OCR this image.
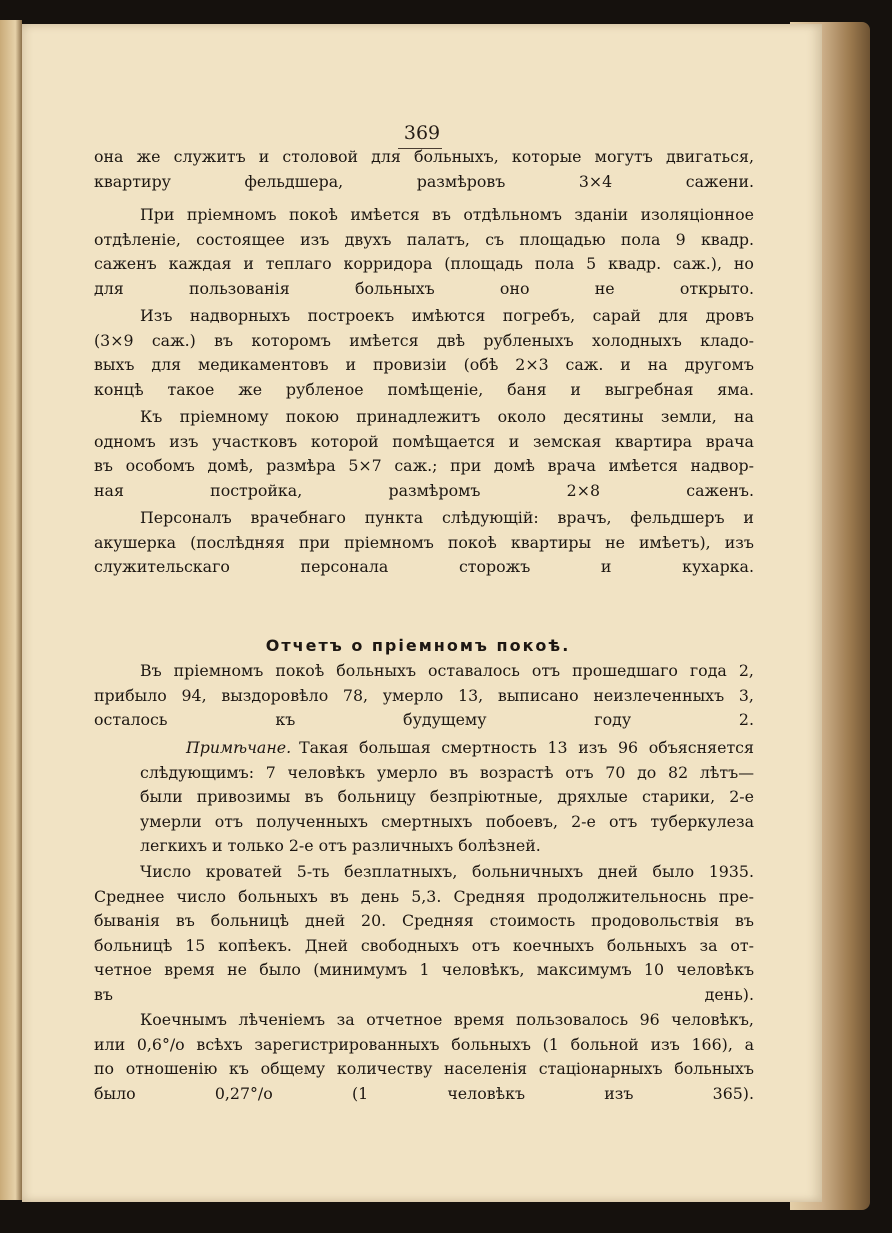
369
она же служитъ и столовой для больныхъ, которые могутъ двигаться,
квартиру фельдшера, размѣровъ 3×4 сажени.
При пріемномъ покоѣ имѣется въ отдѣльномъ зданіи изоляціонное
отдѣленіе, состоящее изъ двухъ палатъ, съ площадью пола 9 квадр.
саженъ каждая и теплаго корридора (площадь пола 5 квадр. саж.), но
для пользованія больныхъ оно не открыто.
Изъ надворныхъ построекъ имѣются погребъ, сарай для дровъ
(3×9 саж.) въ которомъ имѣется двѣ рубленыхъ холодныхъ кладо-
выхъ для медикаментовъ и провизіи (обѣ 2×3 саж. и на другомъ
концѣ такое же рубленое помѣщеніе, баня и выгребная яма.
Къ пріемному покою принадлежитъ около десятины земли, на
одномъ изъ участковъ которой помѣщается и земская квартира врача
въ особомъ домѣ, размѣра 5×7 саж.; при домѣ врача имѣется надвор-
ная постройка, размѣромъ 2×8 саженъ.
Персоналъ врачебнаго пункта слѣдующій: врачъ, фельдшеръ и
акушерка (послѣдняя при пріемномъ покоѣ квартиры не имѣетъ), изъ
служительскаго персонала сторожъ и кухарка.
Отчетъ о пріемномъ покоѣ.
Въ пріемномъ покоѣ больныхъ оставалось отъ прошедшаго года 2,
прибыло 94, выздоровѣло 78, умерло 13, выписано неизлеченныхъ 3,
осталось къ будущему году 2.
Примѣчане. Такая большая смертность 13 изъ 96 объясняется
слѣдующимъ: 7 человѣкъ умерло въ возрастѣ отъ 70 до 82 лѣтъ—
были привозимы въ больницу безпріютные, дряхлые старики, 2-е
умерли отъ полученныхъ смертныхъ побоевъ, 2-е отъ туберкулеза
легкихъ и только 2-е отъ различныхъ болѣзней.
Число кроватей 5-ть безплатныхъ, больничныхъ дней было 1935.
Среднее число больныхъ въ день 5,3. Средняя продолжительноснь пре-
быванія въ больницѣ дней 20. Средняя стоимость продовольствія въ
больницѣ 15 копѣекъ. Дней свободныхъ отъ коечныхъ больныхъ за от-
четное время не было (минимумъ 1 человѣкъ, максимумъ 10 человѣкъ
въ день).
Коечнымъ лѣченіемъ за отчетное время пользовалось 96 человѣкъ,
или 0,6°/о всѣхъ зарегистрированныхъ больныхъ (1 больной изъ 166), а
по отношенію къ общему количеству населенія стаціонарныхъ больныхъ
было 0,27°/о (1 человѣкъ изъ 365).
